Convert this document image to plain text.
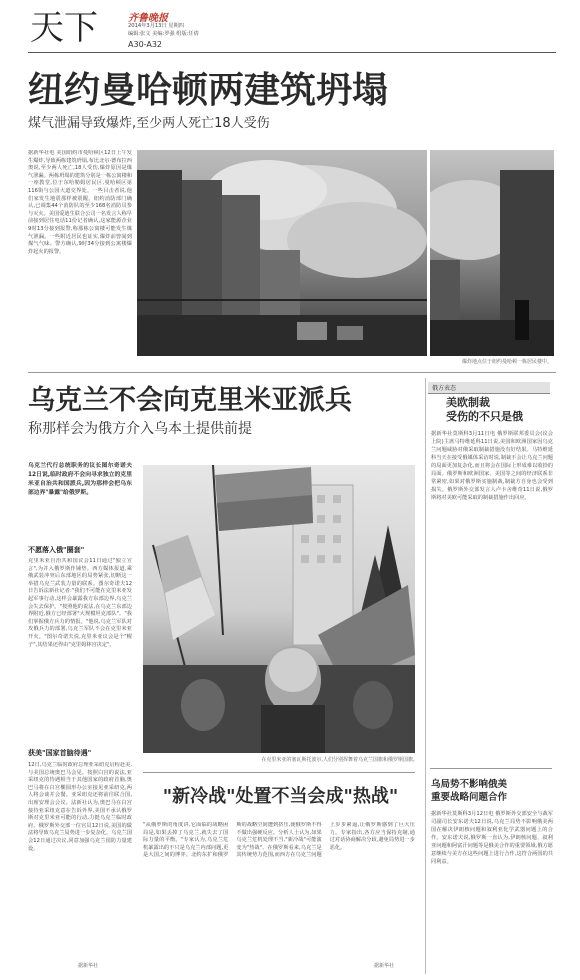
天下	齐鲁晚报
2014年3月13日 星期四
编辑:张文 美编:罗强 组版:任倩
A30-A32
纽约曼哈顿两建筑坍塌
煤气泄漏导致爆炸,至少两人死亡18人受伤
据新华社电 美国纽约市曼哈顿区12日上午发生爆炸,导致两栋建筑坍塌,布比北尔·德布拉西奥说,至少两人死亡,18人受伤,爆炸原因是煤气泄漏。两栋坍塌的建筑分别是一栋公寓楼和一座教堂,位于东哈勒姆居民区,曼哈顿区第116街与公园大道交界处。一些目击者说,他们家发生地震那样被震醒。纽约消防部门确认,已调集44个消防队的至少168名消防员参与灭火。美国爱迪生联合公司一名发言人称早前接到居住电话11份记者确认,这家能源企业9时13分接到报警,称那栋公寓楼可能发生煤气泄漏。一些附近居民也证实,爆炸前曾闻到煤气气味。警方确认,9时34分接到公寓楼爆炸起火的报警。
爆炸地点位于纽约曼哈顿一栋居民楼中。
乌克兰不会向克里米亚派兵
称那样会为俄方介入乌本土提供前提
乌克兰代行总统职务的议长图尔奇诺夫12日说,临时政府不会向寻求独立的克里米亚自治共和国派兵,因为那样会把乌东部边界"暴露"给俄罗斯。
不愿落入俄"圈套"
克里米亚自治共和国议会11日通过"独立宣言",为并入俄罗斯作铺垫。西方媒体报道,乘俄武装冲突后东部地区的局势紧张,切断这一举措乌克兰武装力量的联系。图尔奇诺夫12日告诉法新社记者:"我们不可能在克里米亚发起军事行动,这样会暴露我方东部边界,乌克兰会失去保护。"按照他的说法,在乌克兰东部边界附近,俄方已经部署"大规模坦克部队"。"我们掌握俄方兵力的情报。"他说,乌克兰军队对攻俄兵力的部署,乌克兰军队不会在克里米亚开火。"图尔奇诺夫说,克里米亚议会是个"幌子",其结果还得由"克里姆林宫决定"。
获美"国家首脑待遇"
12日,乌克兰临时政府总理亚采纽克启程赴美,与美国总统奥巴马会见。按照白宫的说法,亚采纽克的待遇相当于其他国家的政府首脑,奥巴马将在白宫椭圆形办公室接见亚采纽克,两人将会谈并会餐。亚采纽克还将前往联合国,出席安理会会议。法新社认为,奥巴马在白宫接待亚采纽克意在告诉外界,美国不承认俄罗斯对克里米亚可能的行动,力挺乌克兰临时政府。俄罗斯外交部一位官员12日说,美国的做法将导致乌克兰局势进一步复杂化。乌克兰国会12日通过决议,同意加强乌克兰国防力量建设。
据新华社
在克里米亚的塞瓦斯托波尔,人们分别挥舞着乌克兰国旗和俄罗斯国旗。
"新冷战"处置不当会成"热战"
"从俄罗斯的角度讲,它面临的战略困局是,如果丢掉了乌克兰,就失去了国际力量的平衡。"专家认为,乌克兰危机暴露出的不只是乌克兰内部问题,更是大国之间的博弈。北约东扩和俄罗斯的战略空间遭到挤压,使俄罗斯不得不做出强硬反应。分析人士认为,如果乌克兰危机处理不当,"新冷战"可能演变为"热战"。在俄罗斯看来,乌克兰是其传统势力范围,而西方在乌克兰问题上步步紧逼,让俄罗斯感到了巨大压力。专家指出,各方应当保持克制,通过对话协商解决分歧,避免局势进一步恶化。
据新华社
俄方表态
美欧制裁
受伤的不只是俄
据新华社莫斯科3月11日电 俄罗斯联邦委员会(议会上院)主席马特维延科11日说,美国和欧洲国家因乌克兰问题威胁对俄采取制裁措施没有好结果。马特维延科当天在接受俄媒体采访时说,制裁不会让乌克兰问题的局面更加复杂化,而且将会在国际上形成难以收拾的局面。俄罗斯和欧洲国家、美国等之间的经济联系非常紧密,如果对俄罗斯实施制裁,制裁方自身也会受到损失。俄罗斯外交部发言人卢卡舍维奇11日说,俄罗斯将对美欧可能采取的制裁措施作出回应。
乌局势不影响俄美
重要战略问题合作
据新华社莫斯科3月12日电 俄罗斯外交部安全与裁军司副司长安东诺夫12日说,乌克兰局势不影响俄美两国在解决伊朗核问题和叙利亚化学武器问题上的合作。安东诺夫说,俄罗斯一直认为,伊朗核问题、叙利亚问题和阿富汗问题等是俄美合作的重要领域,俄方愿意继续与美方在这些问题上进行合作,这符合两国的共同利益。
